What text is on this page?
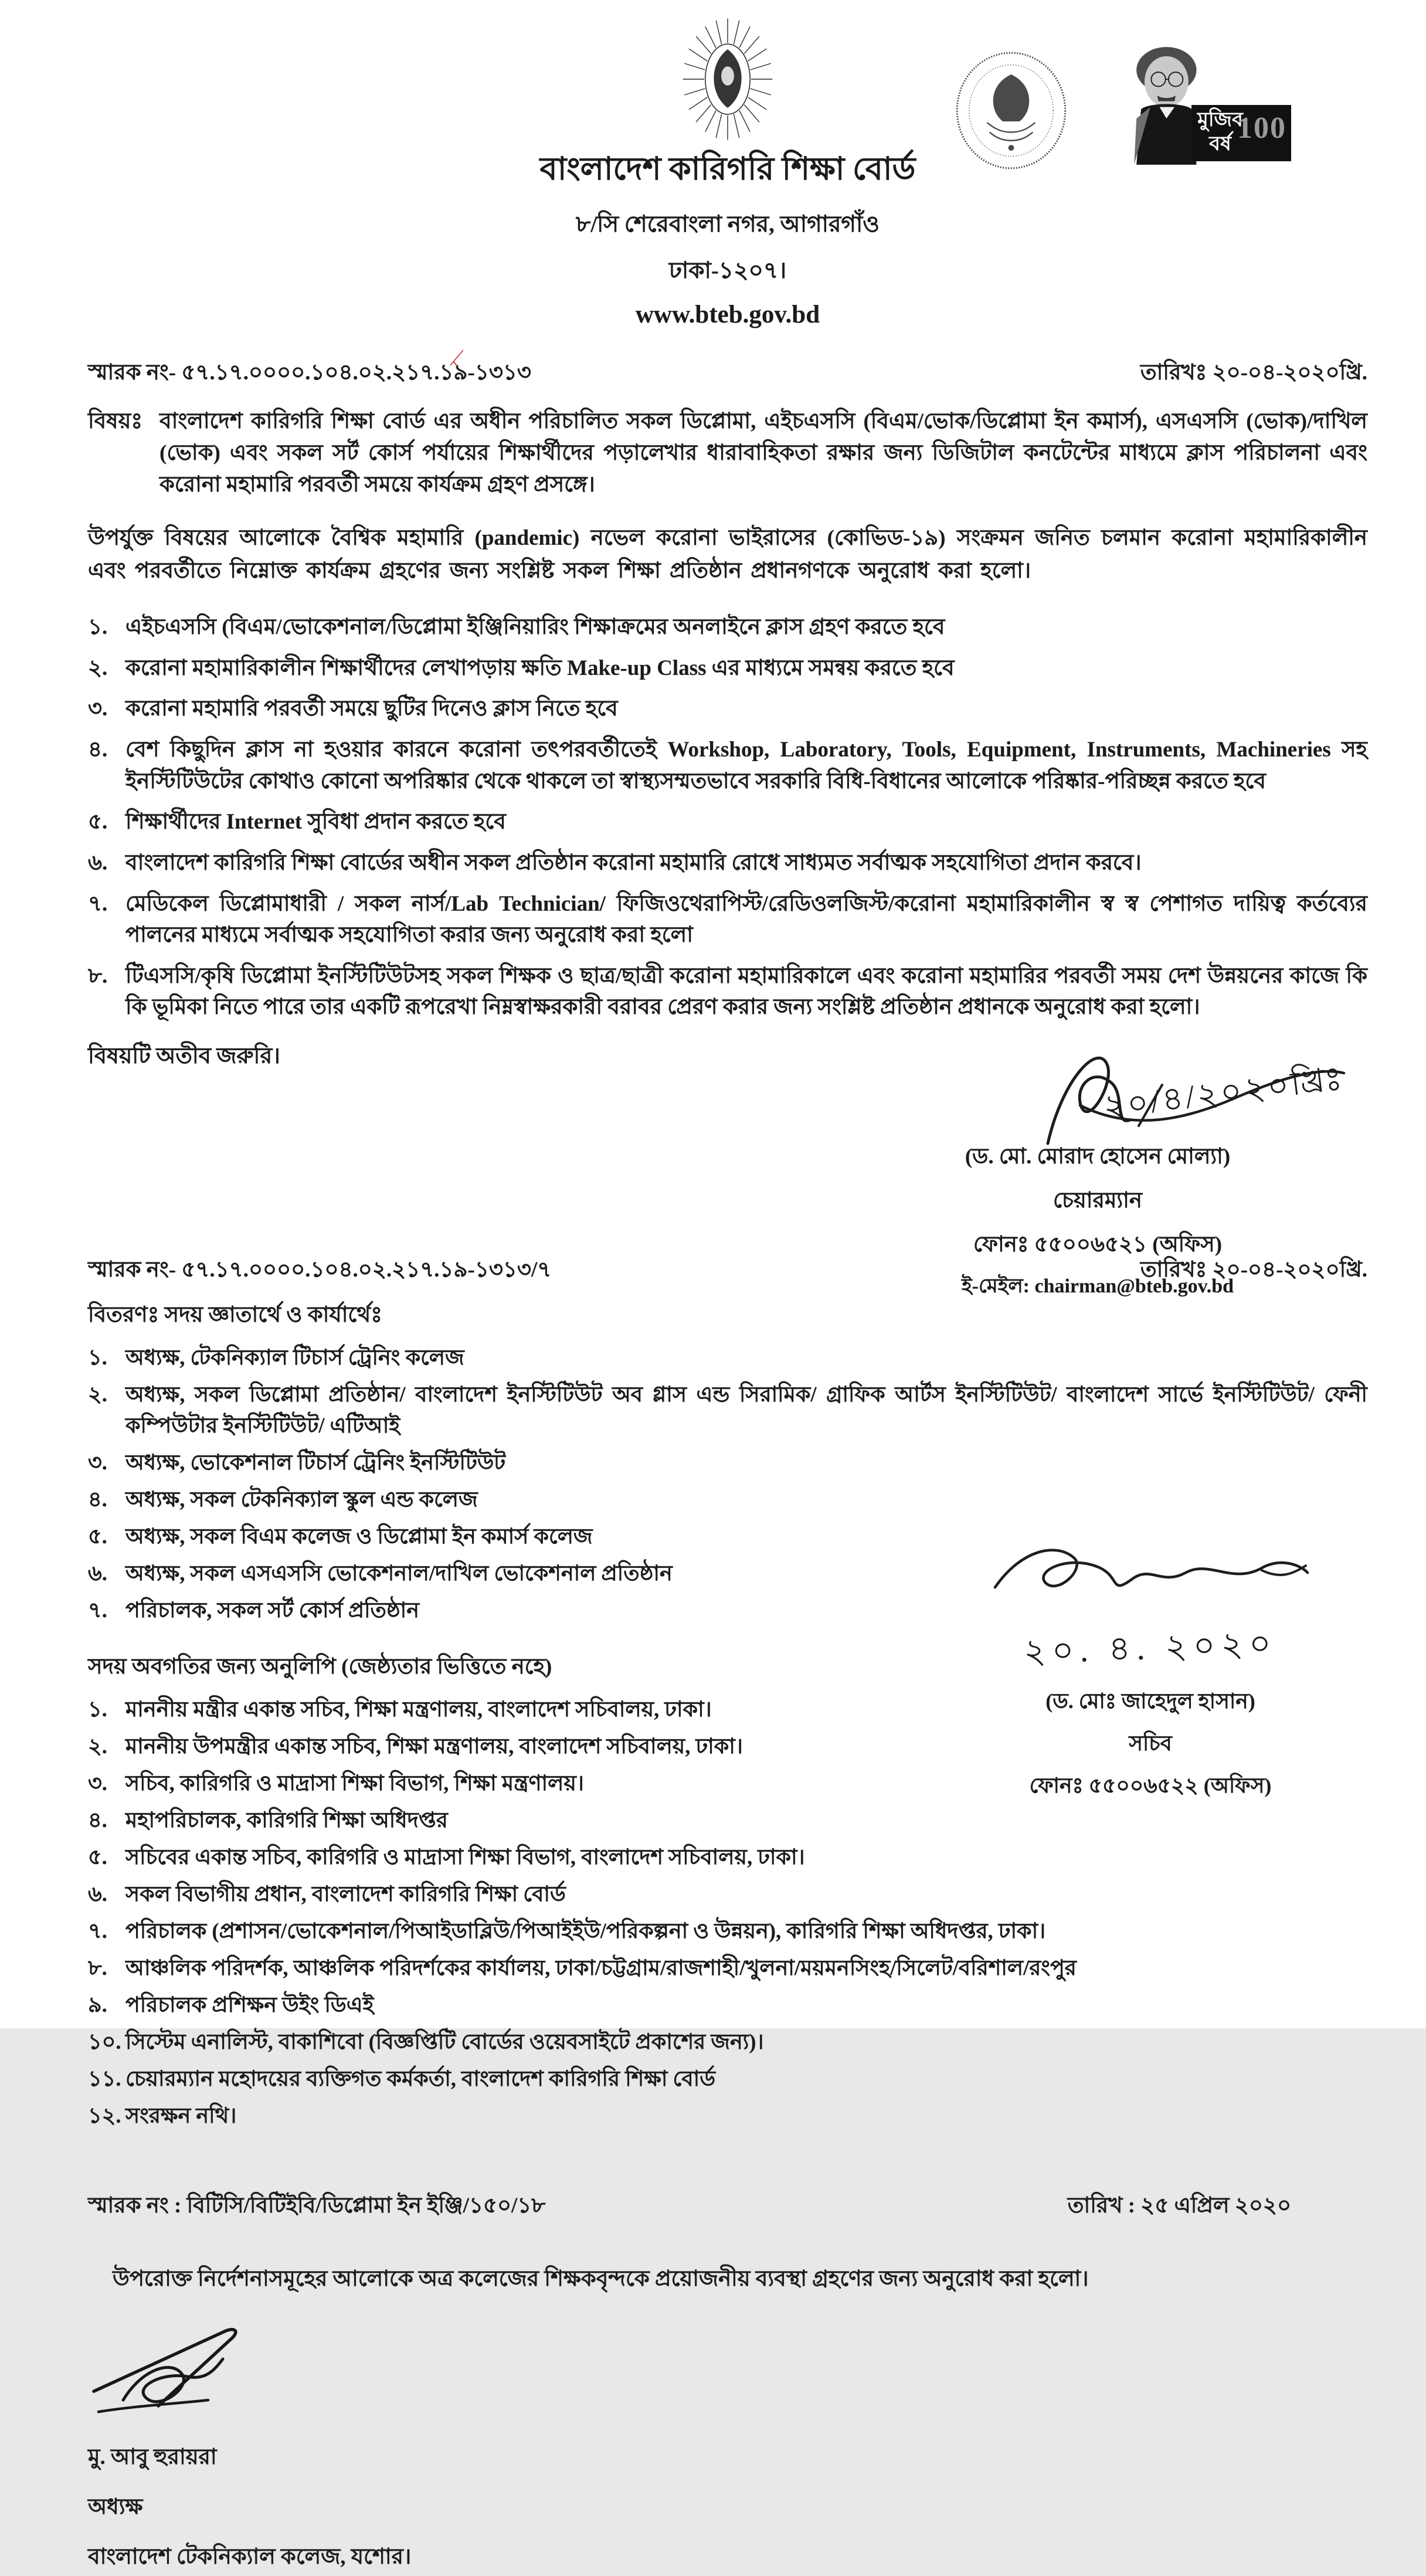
বাংলাদেশ কারিগরি শিক্ষা বোর্ড
৮/সি শেরেবাংলা নগর, আগারগাঁও
ঢাকা-১২০৭।
www.bteb.gov.bd
মুজিব
বর্ষ 100
স্মারক নং- ৫৭.১৭.০০০০.১০৪.০২.২১৭.১৯-১৩১৩	তারিখঃ ২০-০৪-২০২০খ্রি.
বিষয়ঃ বাংলাদেশ কারিগরি শিক্ষা বোর্ড এর অধীন পরিচালিত সকল ডিপ্লোমা, এইচএসসি (বিএম/ভোক/ডিপ্লোমা ইন কমার্স), এসএসসি (ভোক)/দাখিল (ভোক) এবং সকল সর্ট কোর্স পর্যায়ের শিক্ষার্থীদের পড়ালেখার ধারাবাহিকতা রক্ষার জন্য ডিজিটাল কনটেন্টের মাধ্যমে ক্লাস পরিচালনা এবং করোনা মহামারি পরবর্তী সময়ে কার্যক্রম গ্রহণ প্রসঙ্গে।
উপর্যুক্ত বিষয়ের আলোকে বৈশ্বিক মহামারি (pandemic) নভেল করোনা ভাইরাসের (কোভিড-১৯) সংক্রমন জনিত চলমান করোনা মহামারিকালীন এবং পরবর্তীতে নিম্নোক্ত কার্যক্রম গ্রহণের জন্য সংশ্লিষ্ট সকল শিক্ষা প্রতিষ্ঠান প্রধানগণকে অনুরোধ করা হলো।
১. এইচএসসি (বিএম/ভোকেশনাল/ডিপ্লোমা ইঞ্জিনিয়ারিং শিক্ষাক্রমের অনলাইনে ক্লাস গ্রহণ করতে হবে
২. করোনা মহামারিকালীন শিক্ষার্থীদের লেখাপড়ায় ক্ষতি Make-up Class এর মাধ্যমে সমন্বয় করতে হবে
৩. করোনা মহামারি পরবর্তী সময়ে ছুটির দিনেও ক্লাস নিতে হবে
৪. বেশ কিছুদিন ক্লাস না হওয়ার কারনে করোনা তৎপরবর্তীতেই Workshop, Laboratory, Tools, Equipment, Instruments, Machineries সহ ইনস্টিটিউটের কোথাও কোনো অপরিষ্কার থেকে থাকলে তা স্বাস্থ্যসম্মতভাবে সরকারি বিধি-বিধানের আলোকে পরিষ্কার-পরিচ্ছন্ন করতে হবে
৫. শিক্ষার্থীদের Internet সুবিধা প্রদান করতে হবে
৬. বাংলাদেশ কারিগরি শিক্ষা বোর্ডের অধীন সকল প্রতিষ্ঠান করোনা মহামারি রোধে সাধ্যমত সর্বাত্মক সহযোগিতা প্রদান করবে।
৭. মেডিকেল ডিপ্লোমাধারী / সকল নার্স/Lab Technician/ ফিজিওথেরাপিস্ট/রেডিওলজিস্ট/করোনা মহামারিকালীন স্ব স্ব পেশাগত দায়িত্ব কর্তব্যের পালনের মাধ্যমে সর্বাত্মক সহযোগিতা করার জন্য অনুরোধ করা হলো
৮. টিএসসি/কৃষি ডিপ্লোমা ইনস্টিটিউটসহ সকল শিক্ষক ও ছাত্র/ছাত্রী করোনা মহামারিকালে এবং করোনা মহামারির পরবর্তী সময় দেশ উন্নয়নের কাজে কি কি ভূমিকা নিতে পারে তার একটি রূপরেখা নিম্নস্বাক্ষরকারী বরাবর প্রেরণ করার জন্য সংশ্লিষ্ট প্রতিষ্ঠান প্রধানকে অনুরোধ করা হলো।
বিষয়টি অতীব জরুরি।
২০/৪/২০২০খ্রিঃ
(ড. মো. মোরাদ হোসেন মোল্যা)
চেয়ারম্যান
ফোনঃ ৫৫০০৬৫২১ (অফিস)
ই-মেইল: chairman@bteb.gov.bd
স্মারক নং- ৫৭.১৭.০০০০.১০৪.০২.২১৭.১৯-১৩১৩/৭	তারিখঃ ২০-০৪-২০২০খ্রি.
বিতরণঃ সদয় জ্ঞাতার্থে ও কার্যার্থেঃ
১. অধ্যক্ষ, টেকনিক্যাল টিচার্স ট্রেনিং কলেজ
২. অধ্যক্ষ, সকল ডিপ্লোমা প্রতিষ্ঠান/ বাংলাদেশ ইনস্টিটিউট অব গ্লাস এন্ড সিরামিক/ গ্রাফিক আর্টস ইনস্টিটিউট/ বাংলাদেশ সার্ভে ইনস্টিটিউট/ ফেনী কম্পিউটার ইনস্টিটিউট/ এটিআই
৩. অধ্যক্ষ, ভোকেশনাল টিচার্স ট্রেনিং ইনস্টিটিউট
৪. অধ্যক্ষ, সকল টেকনিক্যাল স্কুল এন্ড কলেজ
৫. অধ্যক্ষ, সকল বিএম কলেজ ও ডিপ্লোমা ইন কমার্স কলেজ
৬. অধ্যক্ষ, সকল এসএসসি ভোকেশনাল/দাখিল ভোকেশনাল প্রতিষ্ঠান
৭. পরিচালক, সকল সর্ট কোর্স প্রতিষ্ঠান
সদয় অবগতির জন্য অনুলিপি (জেষ্ঠ্যতার ভিত্তিতে নহে)
১. মাননীয় মন্ত্রীর একান্ত সচিব, শিক্ষা মন্ত্রণালয়, বাংলাদেশ সচিবালয়, ঢাকা।
২. মাননীয় উপমন্ত্রীর একান্ত সচিব, শিক্ষা মন্ত্রণালয়, বাংলাদেশ সচিবালয়, ঢাকা।
৩. সচিব, কারিগরি ও মাদ্রাসা শিক্ষা বিভাগ, শিক্ষা মন্ত্রণালয়।
৪. মহাপরিচালক, কারিগরি শিক্ষা অধিদপ্তর
৫. সচিবের একান্ত সচিব, কারিগরি ও মাদ্রাসা শিক্ষা বিভাগ, বাংলাদেশ সচিবালয়, ঢাকা।
৬. সকল বিভাগীয় প্রধান, বাংলাদেশ কারিগরি শিক্ষা বোর্ড
৭. পরিচালক (প্রশাসন/ভোকেশনাল/পিআইডাব্লিউ/পিআইইউ/পরিকল্পনা ও উন্নয়ন), কারিগরি শিক্ষা অধিদপ্তর, ঢাকা।
৮. আঞ্চলিক পরিদর্শক, আঞ্চলিক পরিদর্শকের কার্যালয়, ঢাকা/চট্টগ্রাম/রাজশাহী/খুলনা/ময়মনসিংহ/সিলেট/বরিশাল/রংপুর
৯. পরিচালক প্রশিক্ষন উইং ডিএই
১০. সিস্টেম এনালিস্ট, বাকাশিবো (বিজ্ঞপ্তিটি বোর্ডের ওয়েবসাইটে প্রকাশের জন্য)।
১১. চেয়ারম্যান মহোদয়ের ব্যক্তিগত কর্মকর্তা, বাংলাদেশ কারিগরি শিক্ষা বোর্ড
১২. সংরক্ষন নথি।
স্মারক নং : বিটিসি/বিটিইবি/ডিপ্লোমা ইন ইঞ্জি/১৫০/১৮	তারিখ : ২৫ এপ্রিল ২০২০
উপরোক্ত নির্দেশনাসমূহের আলোকে অত্র কলেজের শিক্ষকবৃন্দকে প্রয়োজনীয় ব্যবস্থা গ্রহণের জন্য অনুরোধ করা হলো।
মু. আবু হুরায়রা
অধ্যক্ষ
বাংলাদেশ টেকনিক্যাল কলেজ, যশোর।
২০. ৪. ২০২০
(ড. মোঃ জাহেদুল হাসান)
সচিব
ফোনঃ ৫৫০০৬৫২২ (অফিস)
